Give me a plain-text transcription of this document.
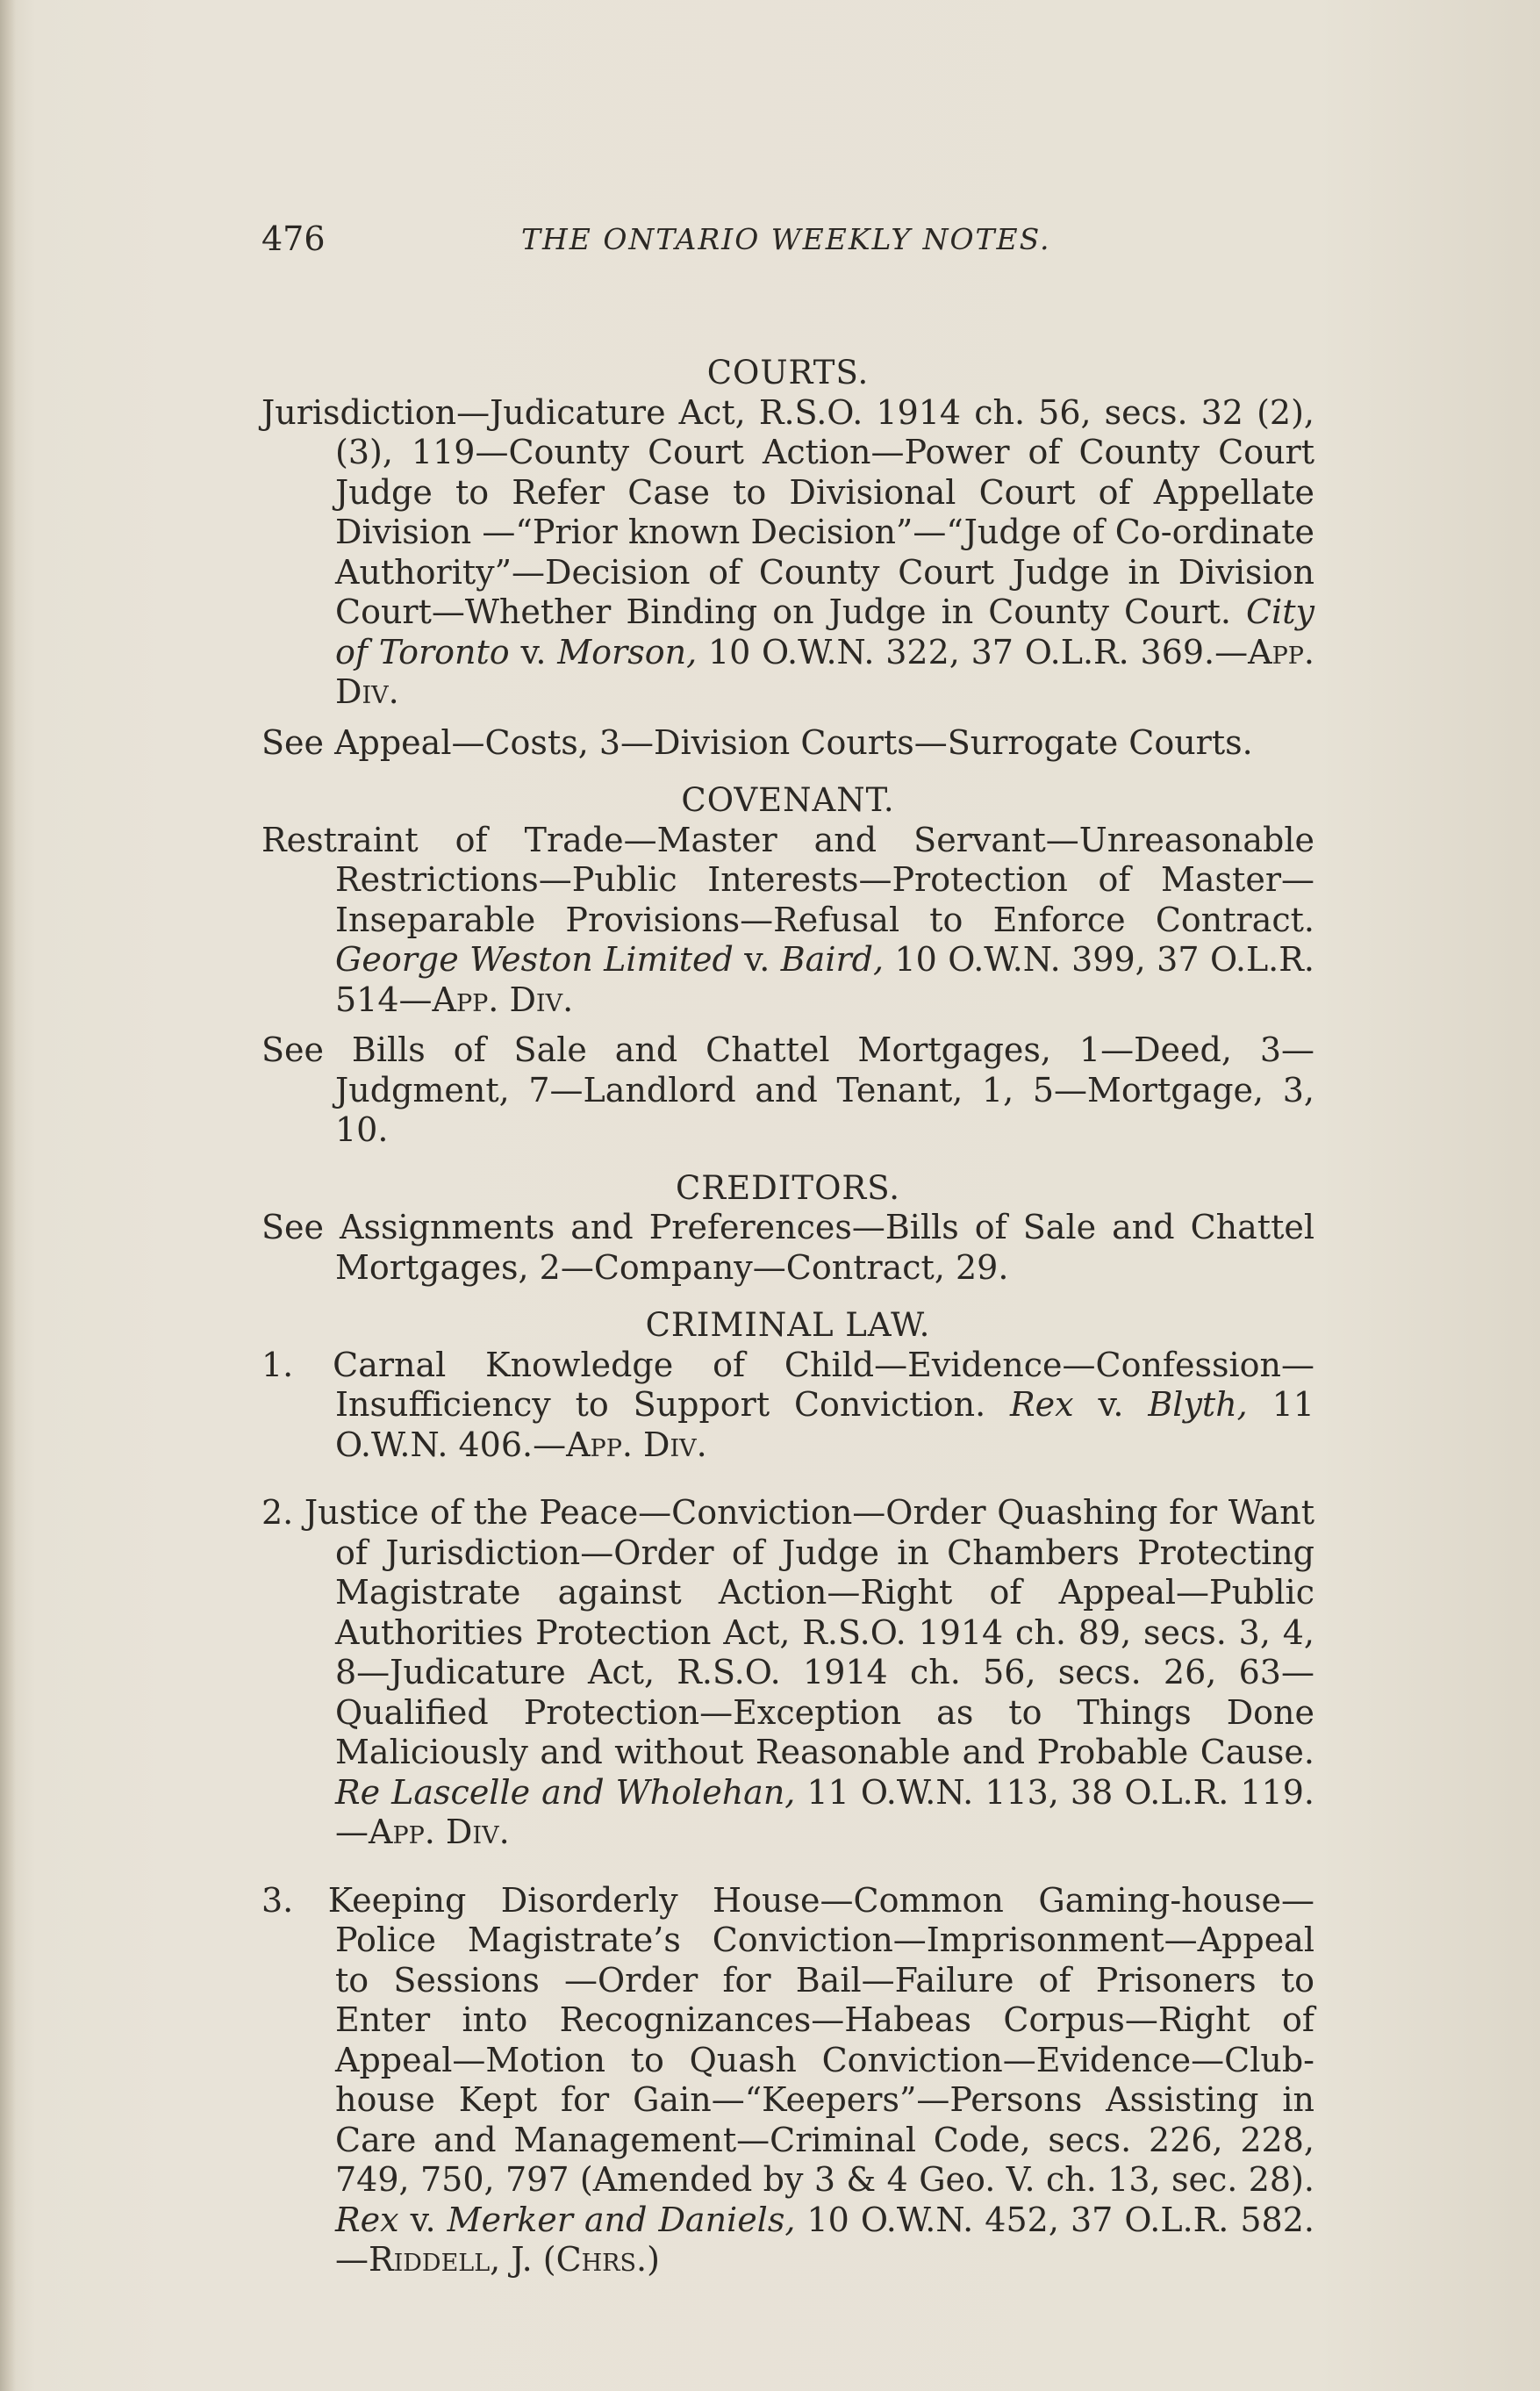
476	THE ONTARIO WEEKLY NOTES.
COURTS.

Jurisdiction—Judicature Act, R.S.O. 1914 ch. 56, secs. 32 (2), (3), 119—County Court Action—Power of County Court Judge to Refer Case to Divisional Court of Appellate Division —“Prior known Decision”—“Judge of Co-ordinate Authority”—Decision of County Court Judge in Division Court—Whether Binding on Judge in County Court. City of Toronto v. Morson, 10 O.W.N. 322, 37 O.L.R. 369.—App. Div.

See Appeal—Costs, 3—Division Courts—Surrogate Courts.

COVENANT.

Restraint of Trade—Master and Servant—Unreasonable Restrictions—Public Interests—Protection of Master—Inseparable Provisions—Refusal to Enforce Contract. George Weston Limited v. Baird, 10 O.W.N. 399, 37 O.L.R. 514—App. Div.

See Bills of Sale and Chattel Mortgages, 1—Deed, 3—Judgment, 7—Landlord and Tenant, 1, 5—Mortgage, 3, 10.

CREDITORS.

See Assignments and Preferences—Bills of Sale and Chattel Mortgages, 2—Company—Contract, 29.

CRIMINAL LAW.

1. Carnal Knowledge of Child—Evidence—Confession—Insufficiency to Support Conviction. Rex v. Blyth, 11 O.W.N. 406.—App. Div.

2. Justice of the Peace—Conviction—Order Quashing for Want of Jurisdiction—Order of Judge in Chambers Protecting Magistrate against Action—Right of Appeal—Public Authorities Protection Act, R.S.O. 1914 ch. 89, secs. 3, 4, 8—Judicature Act, R.S.O. 1914 ch. 56, secs. 26, 63—Qualified Protection—Exception as to Things Done Maliciously and without Reasonable and Probable Cause. Re Lascelle and Wholehan, 11 O.W.N. 113, 38 O.L.R. 119. —App. Div.

3. Keeping Disorderly House—Common Gaming-house—Police Magistrate’s Conviction—Imprisonment—Appeal to Sessions —Order for Bail—Failure of Prisoners to Enter into Recognizances—Habeas Corpus—Right of Appeal—Motion to Quash Conviction—Evidence—Club-house Kept for Gain—“Keepers”—Persons Assisting in Care and Management—Criminal Code, secs. 226, 228, 749, 750, 797 (Amended by 3 & 4 Geo. V. ch. 13, sec. 28). Rex v. Merker and Daniels, 10 O.W.N. 452, 37 O.L.R. 582.—Riddell, J. (Chrs.)
